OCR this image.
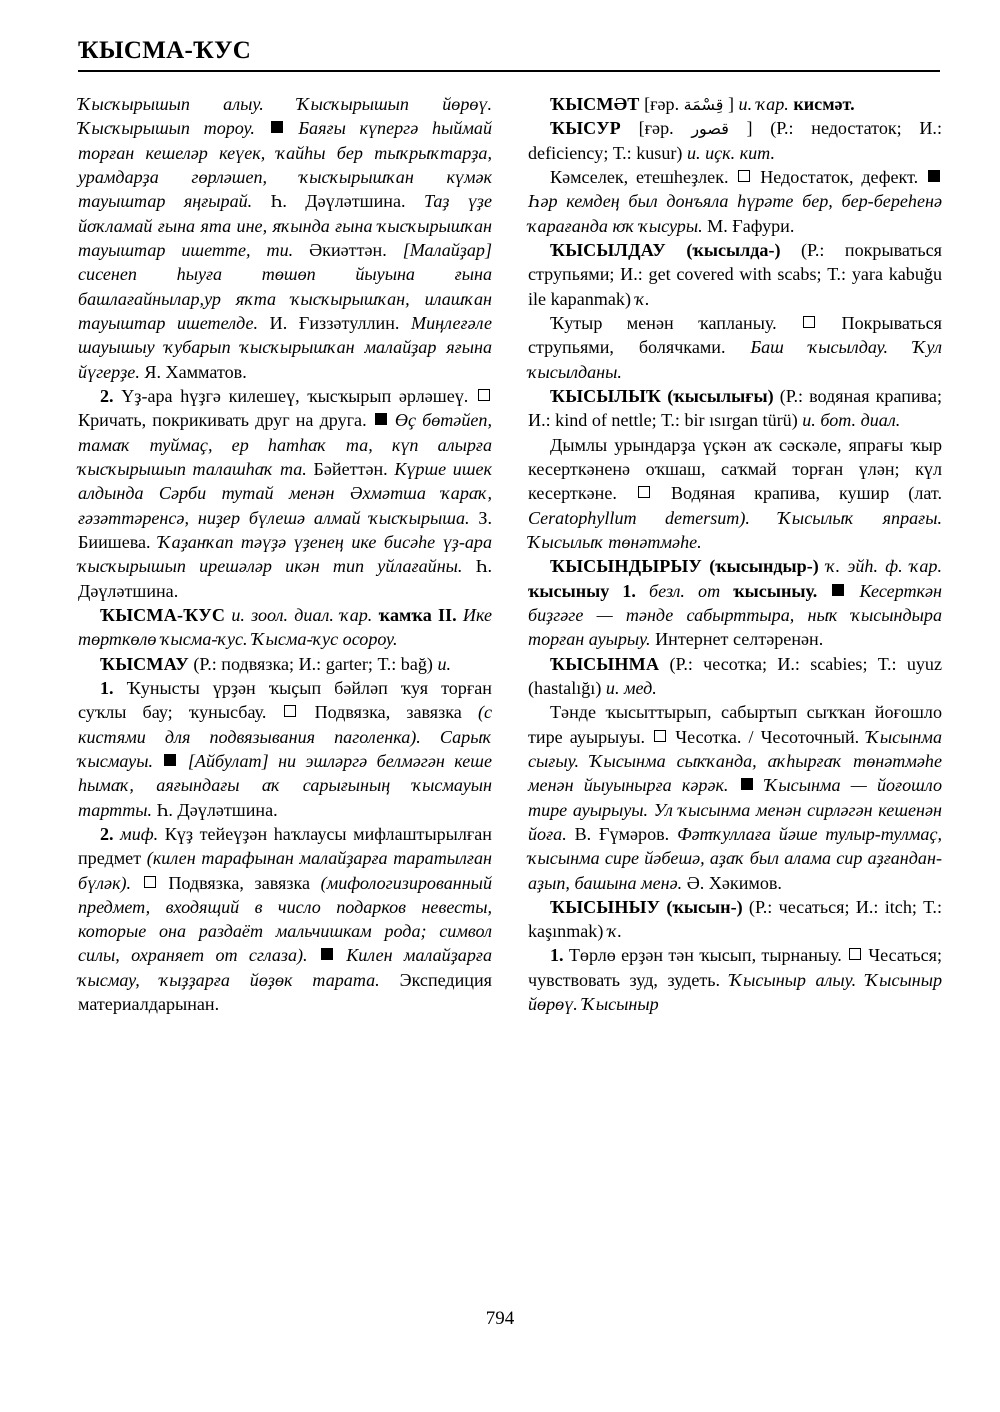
ҠЫСМА-ҠУС

Ҡысҡырышып алыу. Ҡысҡырышып йөрөү. Ҡысҡырышып тороу. Баяғы күпергә һыймай торған кешеләр кеүек, ҡайһы бер тыҡрыҡтарҙа, урамдарҙа гөрләшеп, ҡысҡырышҡан күмәк тауыштар яңғырай. Һ. Дәүләтшина. Таҙ үҙе йоҡламай ғына ята ине, яҡында ғына ҡысҡырышҡан тауыштар ишетте, ти. Әкиәттән. [Малайҙар] сисенеп һыуға төшөп йыуына ғына башлағайнылар,ур яҡта ҡысҡырышҡан, илашҡан тауыштар ишетелде. И. Ғиззәтуллин. Миңлеғәле шауышыу ҡубарып ҡысҡырышҡан малайҙар яғына йүгерҙе. Я. Хамматов.

2. Үҙ-ара һүҙгә килешеү, ҡысҡырып әрләшеү.  Кричать, покрикивать друг на друга. Өҫ бөтәйеп, тамаҡ туймаҫ, ер һатһаҡ та, күп алырға ҡысҡырышып талашһаҡ та. Бәйеттән. Күрше ишек алдында Сәрби тутай менән Әхмәтша ҡараҡ, ғәзәттәренсә, ниҙер бүлешә алмай ҡысҡырыша. З. Биишева. Ҡаҙанҡап тәүҙә үҙенең ике бисәһе үҙ-ара ҡысҡырышып ирешәләр икән тип уйлағайны. Һ. Дәүләтшина.

ҠЫСМА-ҠУС и. зоол. диал. ҡар. ҡамҡа II. Ике төрткөлө ҡысма-ҡус. Ҡысма-ҡус осороу.

ҠЫСМАУ (Р.: подвязка; И.: garter; Т.: bağ) и.

1. Ҡунысты үрҙән ҡыҫып бәйләп ҡуя торған суҡлы бау; ҡунысбау.	Подвязка, завязка (с кистями для подвязывания паголенка). Сарыҡ ҡысмауы. [Айбулат] ни эшләргә белмәгән кеше һымаҡ, аяғындағы аҡ сарығының ҡысмауын тартты. Һ. Дәүләтшина.

2. миф. Күҙ тейеүҙән һаҡлаусы мифлаштырылған предмет (килен тарафынан малайҙарға таратылған бүләк). Подвязка, завязка (мифологизированный предмет, входящий в число подарков невесты, которые она раздаёт мальчишкам рода; символ силы, охраняет от сглаза). Килен малайҙарға ҡысмау, ҡыҙҙарға йөҙөк тарата. Экспедиция материалдарынан.

ҠЫСМӘТ [ғәр. قِسْمَة ] и. ҡар. кисмәт.

ҠЫСУР [ғәр. قصور ] (Р.: недостаток; И.: deficiency; Т.: kusur) и. иҫк. кит.

Кәмселек, етешһеҙлек. Недостаток, дефект.  Һәр кемдең был донъяла һүрәте бер, бер-береһенә ҡарағанда юҡ ҡысуры. М. Ғафури.

ҠЫСЫЛДАУ (ҡысылда-) (Р.: покрываться струпьями; И.: get covered with scabs; Т.: yara kabuğu ile kapanmak) ҡ.

Ҡутыр менән ҡапланыу.	Покрываться струпьями, болячками. Баш ҡысылдау. Ҡул ҡысылданы.

ҠЫСЫЛЫҠ (ҡысылығы) (Р.: водяная крапива; И.: kind of nettle; Т.: bir ısırgan türü) и. бот. диал.

Дымлы урындарҙа үҫкән аҡ сәскәле, япрағы ҡыр кесерткәненә оҡшаш, саҡмай торған үлән; күл кесерткәне.	Водяная крапива, кушир (лат. Ceratophyllum demersum). Ҡысылыҡ япрағы. Ҡысылыҡ төнәтмәһе.

ҠЫСЫНДЫРЫУ (ҡысындыр-) ҡ. эйһ. ф. ҡар. ҡысыныу 1. безл. от ҡысыныу. Кесерткән биҙгәге — тәнде сабырттыра, ныҡ ҡысындыра торған ауырыу. Интернет селтәренән.

ҠЫСЫНМА (Р.: чесотка; И.: scabies; Т.: uyuz (hastalığı) и. мед.

Тәнде ҡысыттырып, сабыртып сыҡҡан йоғошло тире ауырыуы. Чесотка. / Чесоточный. Ҡысынма сығыу. Ҡысынма сыҡҡанда, аҡһырғаҡ төнәтмәһе менән йыуынырға кәрәк. Ҡысынма — йоғошло тире ауырыуы. Ул ҡысынма менән сирләгән кешенән йоға. В. Ғүмәров. Фәтҡуллаға йәше тулыр-тулмаҫ, ҡысынма сире йәбешә, аҙаҡ был алама сир аҙғандан-аҙып, башына менә. Ә. Хәкимов.

ҠЫСЫНЫУ (ҡысын-) (Р.: чесаться; И.: itch; Т.: kaşınmak) ҡ.

1. Төрлө ерҙән тән ҡысып, тырнаныу. Чесаться; чувствовать зуд, зудеть. Ҡысыныр алыу. Ҡысыныр йөрөү. Ҡысыныр

794
